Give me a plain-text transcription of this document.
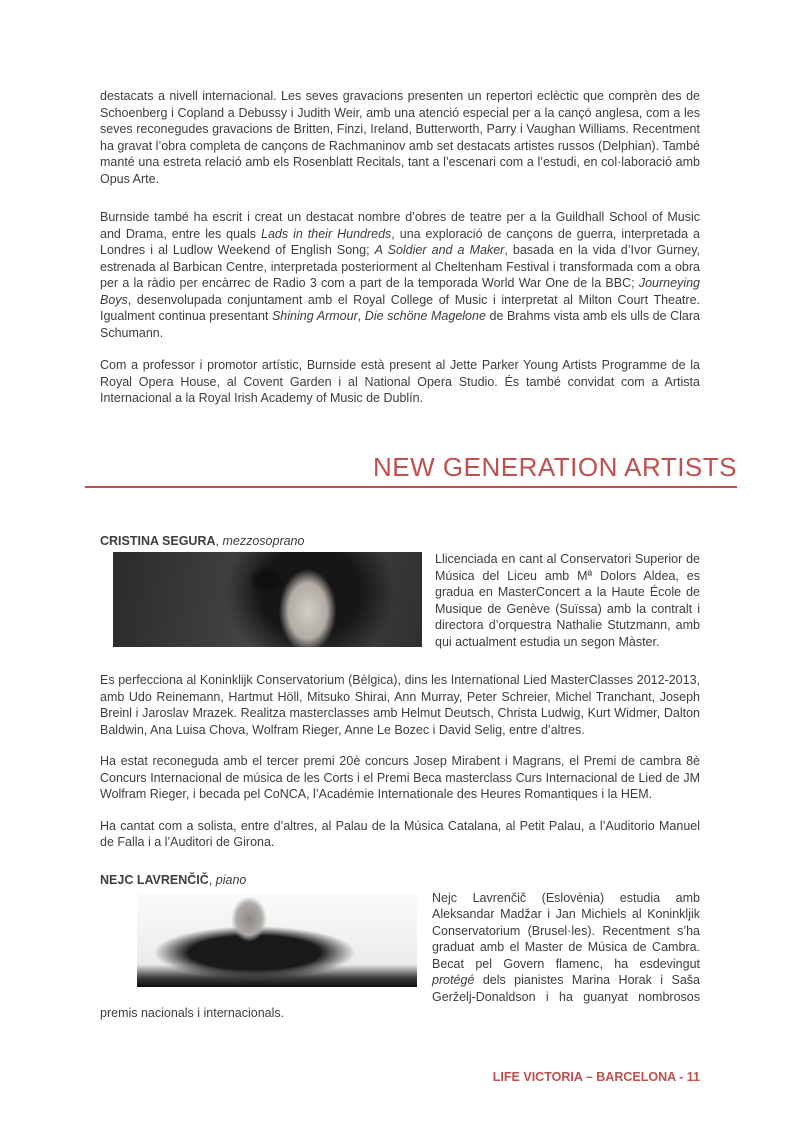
destacats a nivell internacional. Les seves gravacions presenten un repertori eclèctic que comprèn des de Schoenberg i Copland a Debussy i Judith Weir, amb una atenció especial per a la cançó anglesa, com a les seves reconegudes gravacions de Britten, Finzi, Ireland, Butterworth, Parry i Vaughan Williams. Recentment ha gravat l’obra completa de cançons de Rachmaninov amb set destacats artistes russos (Delphian). També manté una estreta relació amb els Rosenblatt Recitals, tant a l’escenari com a l’estudi, en col·laboració amb Opus Arte.

Burnside també ha escrit i creat un destacat nombre d’obres de teatre per a la Guildhall School of Music and Drama, entre les quals Lads in their Hundreds, una exploració de cançons de guerra, interpretada a Londres i al Ludlow Weekend of English Song; A Soldier and a Maker, basada en la vida d’Ivor Gurney, estrenada al Barbican Centre, interpretada posteriorment al Cheltenham Festival i transformada com a obra per a la ràdio per encàrrec de Radio 3 com a part de la temporada World War One de la BBC; Journeying Boys, desenvolupada conjuntament amb el Royal College of Music i interpretat al Milton Court Theatre. Igualment continua presentant Shining Armour, Die schöne Magelone de Brahms vista amb els ulls de Clara Schumann.

Com a professor i promotor artístic, Burnside està present al Jette Parker Young Artists Programme de la Royal Opera House, al Covent Garden i al National Opera Studio. És també convidat com a Artista Internacional a la Royal Irish Academy of Music de Dublín.

NEW GENERATION ARTISTS

CRISTINA SEGURA, mezzosoprano

Llicenciada en cant al Conservatori Superior de Música del Liceu amb Mª Dolors Aldea, es gradua en MasterConcert a la Haute École de Musique de Genève (Suïssa) amb la contralt i directora d’orquestra Nathalie Stutzmann, amb qui actualment estudia un segon Màster.

Es perfecciona al Koninklijk Conservatorium (Bèlgica), dins les International Lied MasterClasses 2012-2013, amb Udo Reinemann, Hartmut Höll, Mitsuko Shirai, Ann Murray, Peter Schreier, Michel Tranchant, Joseph Breinl i Jaroslav Mrazek. Realitza masterclasses amb Helmut Deutsch, Christa Ludwig, Kurt Widmer, Dalton Baldwin, Ana Luisa Chova, Wolfram Rieger, Anne Le Bozec i David Selig, entre d’altres.

Ha estat reconeguda amb el tercer premi 20è concurs Josep Mirabent i Magrans, el Premi de cambra 8è Concurs Internacional de música de les Corts i el Premi Beca masterclass Curs Internacional de Lied de JM Wolfram Rieger, i becada pel CoNCA, l’Académie Internationale des Heures Romantiques i la HEM.

Ha cantat com a solista, entre d’altres, al Palau de la Música Catalana, al Petit Palau, a l’Auditorio Manuel de Falla i a l’Auditori de Girona.

NEJC LAVRENČIČ, piano

Nejc Lavrenčič (Eslovènia) estudia amb Aleksandar Madžar i Jan Michiels al Koninkljik Conservatorium (Brusel·les). Recentment s’ha graduat amb el Master de Música de Cambra. Becat pel Govern flamenc, ha esdevingut protégé dels pianistes Marina Horak i Saša Gerželj-Donaldson i ha guanyat nombrosos premis nacionals i internacionals.

LIFE VICTORIA – BARCELONA - 11
